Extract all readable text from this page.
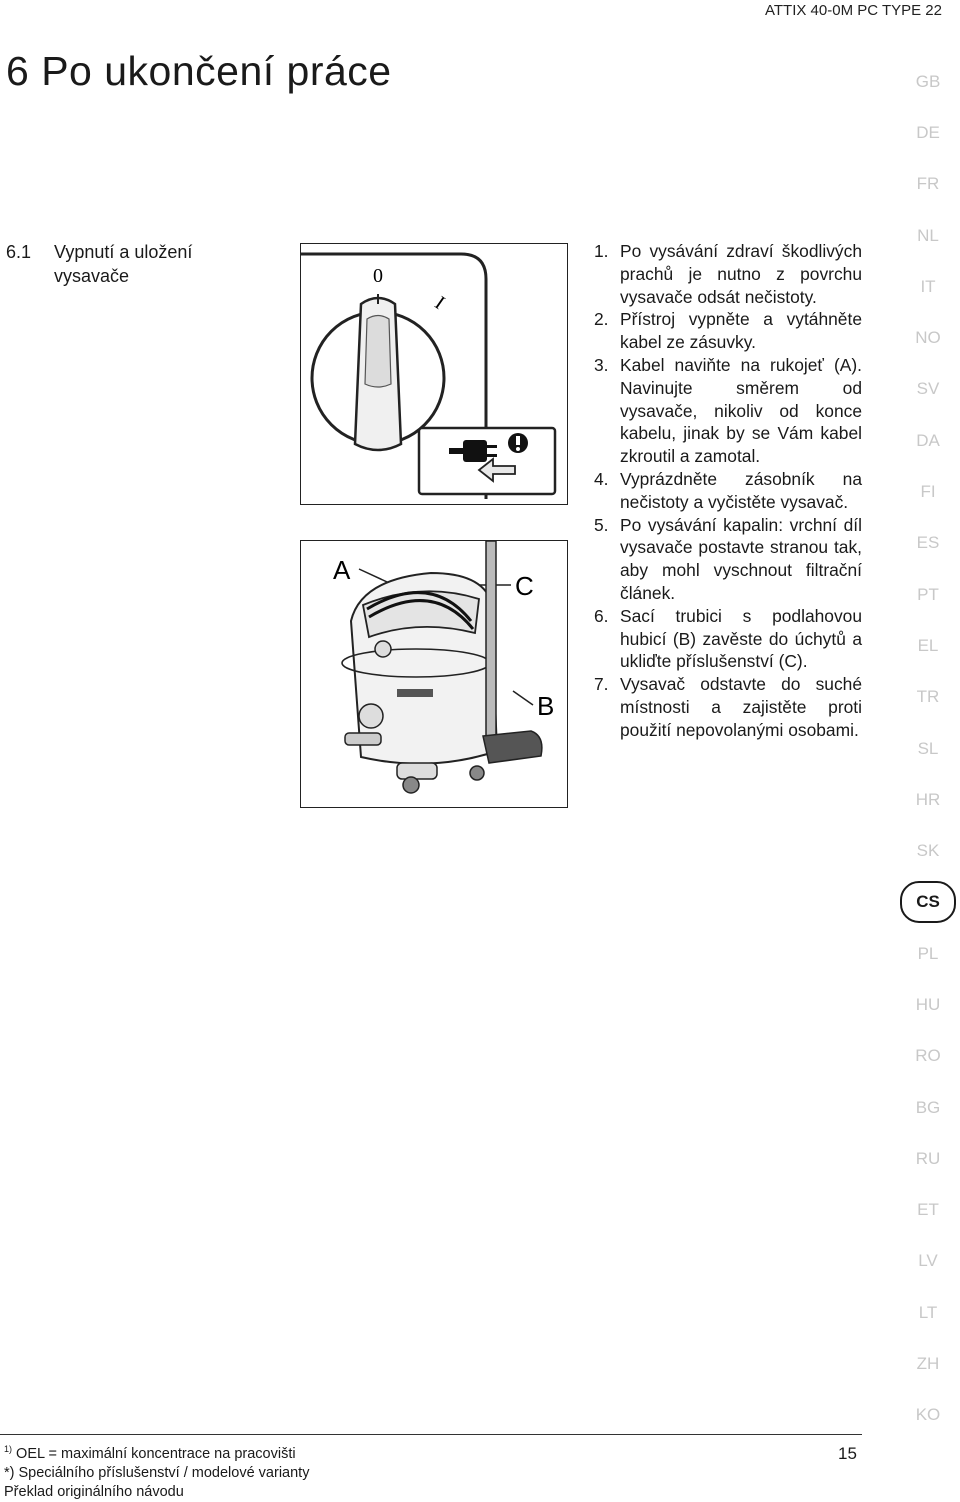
ATTIX 40-0M PC TYPE 22
6 Po ukončení práce
6.1	Vypnutí a uložení vysavače	0
I
A
C
B
1. Po vysávání zdraví škodlivých prachů je nutno z povrchu vysavače odsát nečistoty.
2. Přístroj vypněte a vytáhněte kabel ze zásuvky.
3. Kabel naviňte na rukojeť (A). Navinujte směrem od vysavače, nikoliv od konce kabelu, jinak by se Vám kabel zkroutil a zamotal.
4. Vyprázdněte zásobník na nečistoty a vyčistěte vysavač.
5. Po vysávání kapalin: vrchní díl vysavače postavte stranou tak, aby mohl vyschnout filtrační článek.
6. Sací trubici s podlahovou hubicí (B) zavěste do úchytů a ukliďte příslušenství (C).
7. Vysavač odstavte do suché místnosti a zajistěte proti použití nepovolanými osobami.
GB
DE
FR
NL
IT
NO
SV
DA
FI
ES
PT
EL
TR
SL
HR
SK
CS
PL
HU
RO
BG
RU
ET
LV
LT
ZH
KO
$^{1)}$ OEL = maximální koncentrace na pracovišti
*) Speciálního příslušenství / modelové varianty
Překlad originálního návodu
15
